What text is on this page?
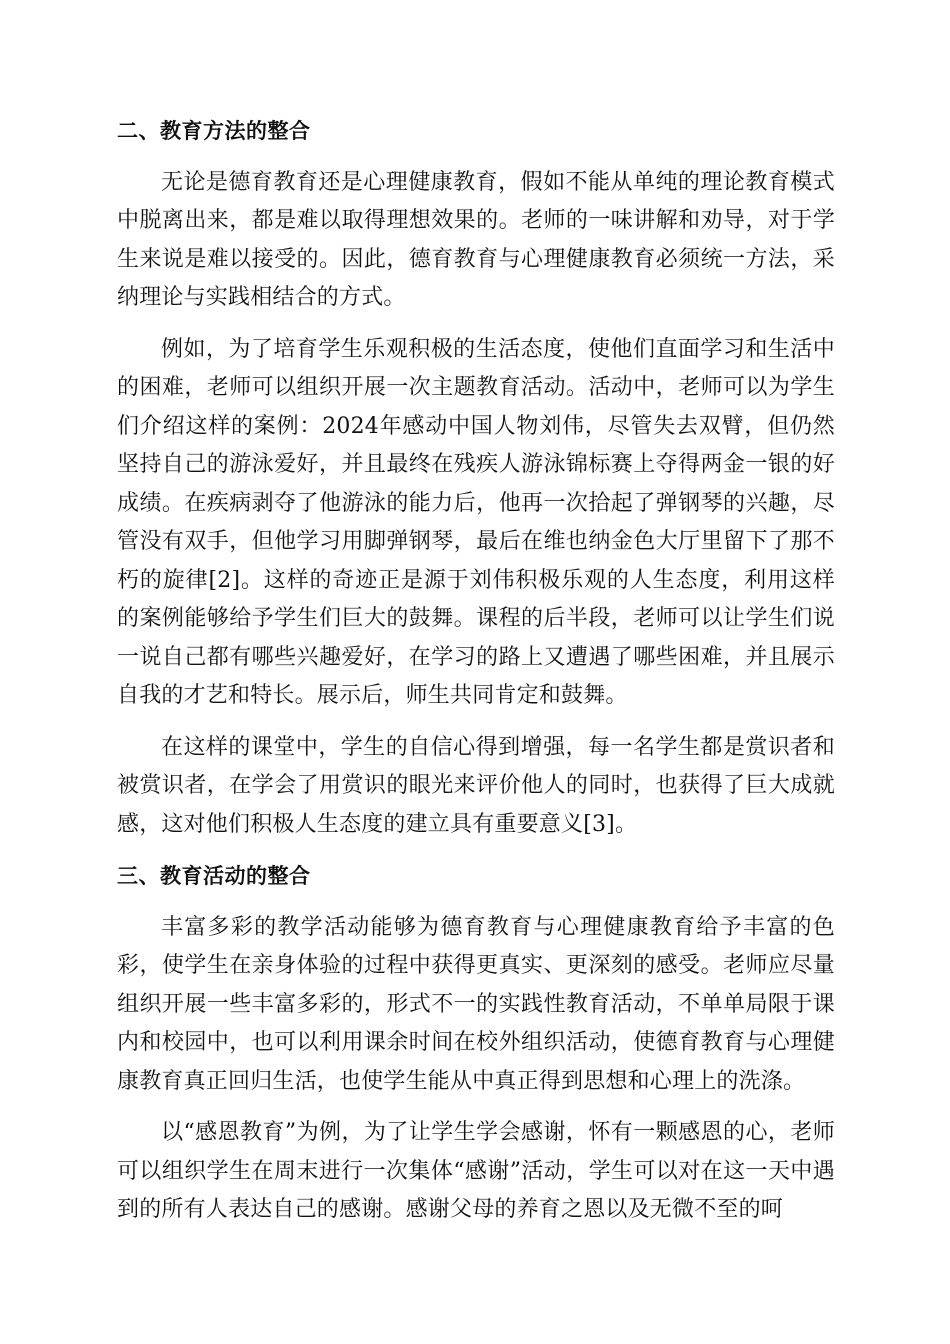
二、教育方法的整合

无论是德育教育还是心理健康教育，假如不能从单纯的理论教育模式中脱离出来，都是难以取得理想效果的。老师的一味讲解和劝导，对于学生来说是难以接受的。因此，德育教育与心理健康教育必须统一方法，采纳理论与实践相结合的方式。

例如，为了培育学生乐观积极的生活态度，使他们直面学习和生活中的困难，老师可以组织开展一次主题教育活动。活动中，老师可以为学生们介绍这样的案例：2024年感动中国人物刘伟，尽管失去双臂，但仍然坚持自己的游泳爱好，并且最终在残疾人游泳锦标赛上夺得两金一银的好成绩。在疾病剥夺了他游泳的能力后，他再一次拾起了弹钢琴的兴趣，尽管没有双手，但他学习用脚弹钢琴，最后在维也纳金色大厅里留下了那不朽的旋律[2]。这样的奇迹正是源于刘伟积极乐观的人生态度，利用这样的案例能够给予学生们巨大的鼓舞。课程的后半段，老师可以让学生们说一说自己都有哪些兴趣爱好，在学习的路上又遭遇了哪些困难，并且展示自我的才艺和特长。展示后，师生共同肯定和鼓舞。

在这样的课堂中，学生的自信心得到增强，每一名学生都是赏识者和被赏识者，在学会了用赏识的眼光来评价他人的同时，也获得了巨大成就感，这对他们积极人生态度的建立具有重要意义[3]。

三、教育活动的整合

丰富多彩的教学活动能够为德育教育与心理健康教育给予丰富的色彩，使学生在亲身体验的过程中获得更真实、更深刻的感受。老师应尽量组织开展一些丰富多彩的，形式不一的实践性教育活动，不单单局限于课内和校园中，也可以利用课余时间在校外组织活动，使德育教育与心理健康教育真正回归生活，也使学生能从中真正得到思想和心理上的洗涤。

以“感恩教育”为例，为了让学生学会感谢，怀有一颗感恩的心，老师可以组织学生在周末进行一次集体“感谢”活动，学生可以对在这一天中遇到的所有人表达自己的感谢。感谢父母的养育之恩以及无微不至的呵
